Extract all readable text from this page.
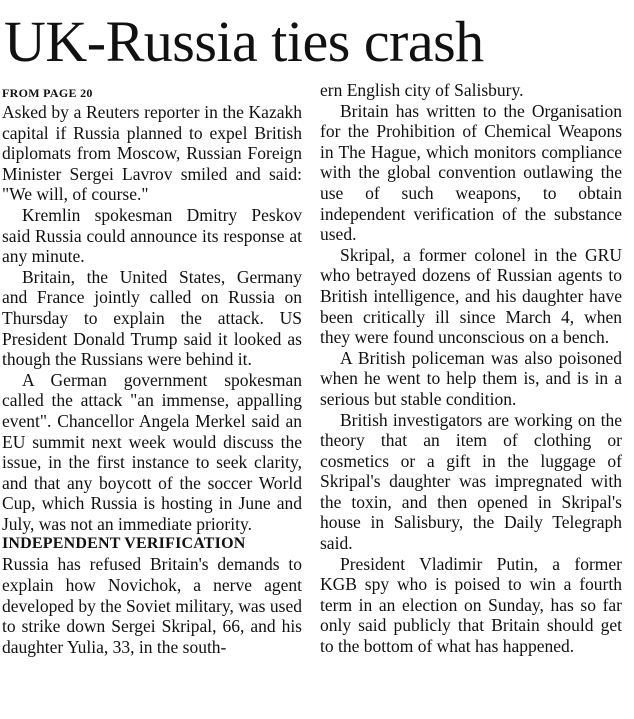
UK-Russia ties crash
FROM PAGE 20

Asked by a Reuters reporter in the Kazakh capital if Russia planned to expel British diplomats from Moscow, Russian Foreign Minister Sergei Lavrov smiled and said: "We will, of course."

Kremlin spokesman Dmitry Peskov said Russia could announce its response at any minute.

Britain, the United States, Germany and France jointly called on Russia on Thursday to explain the attack. US President Donald Trump said it looked as though the Russians were behind it.

A German government spokesman called the attack "an immense, appalling event". Chancellor Angela Merkel said an EU summit next week would discuss the issue, in the first instance to seek clarity, and that any boycott of the soccer World Cup, which Russia is hosting in June and July, was not an immediate priority.

INDEPENDENT VERIFICATION

Russia has refused Britain's demands to explain how Novichok, a nerve agent developed by the Soviet military, was used to strike down Sergei Skripal, 66, and his daughter Yulia, 33, in the south-

ern English city of Salisbury.

Britain has written to the Organisation for the Prohibition of Chemical Weapons in The Hague, which monitors compliance with the global convention outlawing the use of such weapons, to obtain independent verification of the substance used.

Skripal, a former colonel in the GRU who betrayed dozens of Russian agents to British intelligence, and his daughter have been critically ill since March 4, when they were found unconscious on a bench.

A British policeman was also poisoned when he went to help them is, and is in a serious but stable condition.

British investigators are working on the theory that an item of clothing or cosmetics or a gift in the luggage of Skripal's daughter was impregnated with the toxin, and then opened in Skripal's house in Salisbury, the Daily Telegraph said.

President Vladimir Putin, a former KGB spy who is poised to win a fourth term in an election on Sunday, has so far only said publicly that Britain should get to the bottom of what has happened.
